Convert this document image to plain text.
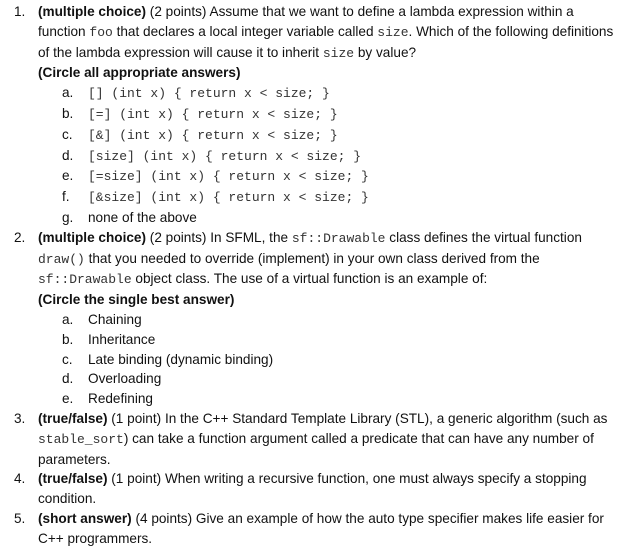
1. (multiple choice) (2 points) Assume that we want to define a lambda expression within a function foo that declares a local integer variable called size. Which of the following definitions of the lambda expression will cause it to inherit size by value?
(Circle all appropriate answers)
a. [] (int x) { return x < size; }
b. [=] (int x) { return x < size; }
c. [&] (int x) { return x < size; }
d. [size] (int x) { return x < size; }
e. [=size] (int x) { return x < size; }
f. [&size] (int x) { return x < size; }
g. none of the above
2. (multiple choice) (2 points) In SFML, the sf::Drawable class defines the virtual function draw() that you needed to override (implement) in your own class derived from the sf::Drawable object class. The use of a virtual function is an example of:
(Circle the single best answer)
a. Chaining
b. Inheritance
c. Late binding (dynamic binding)
d. Overloading
e. Redefining
3. (true/false) (1 point) In the C++ Standard Template Library (STL), a generic algorithm (such as stable_sort) can take a function argument called a predicate that can have any number of parameters.
4. (true/false) (1 point) When writing a recursive function, one must always specify a stopping condition.
5. (short answer) (4 points) Give an example of how the auto type specifier makes life easier for C++ programmers.
